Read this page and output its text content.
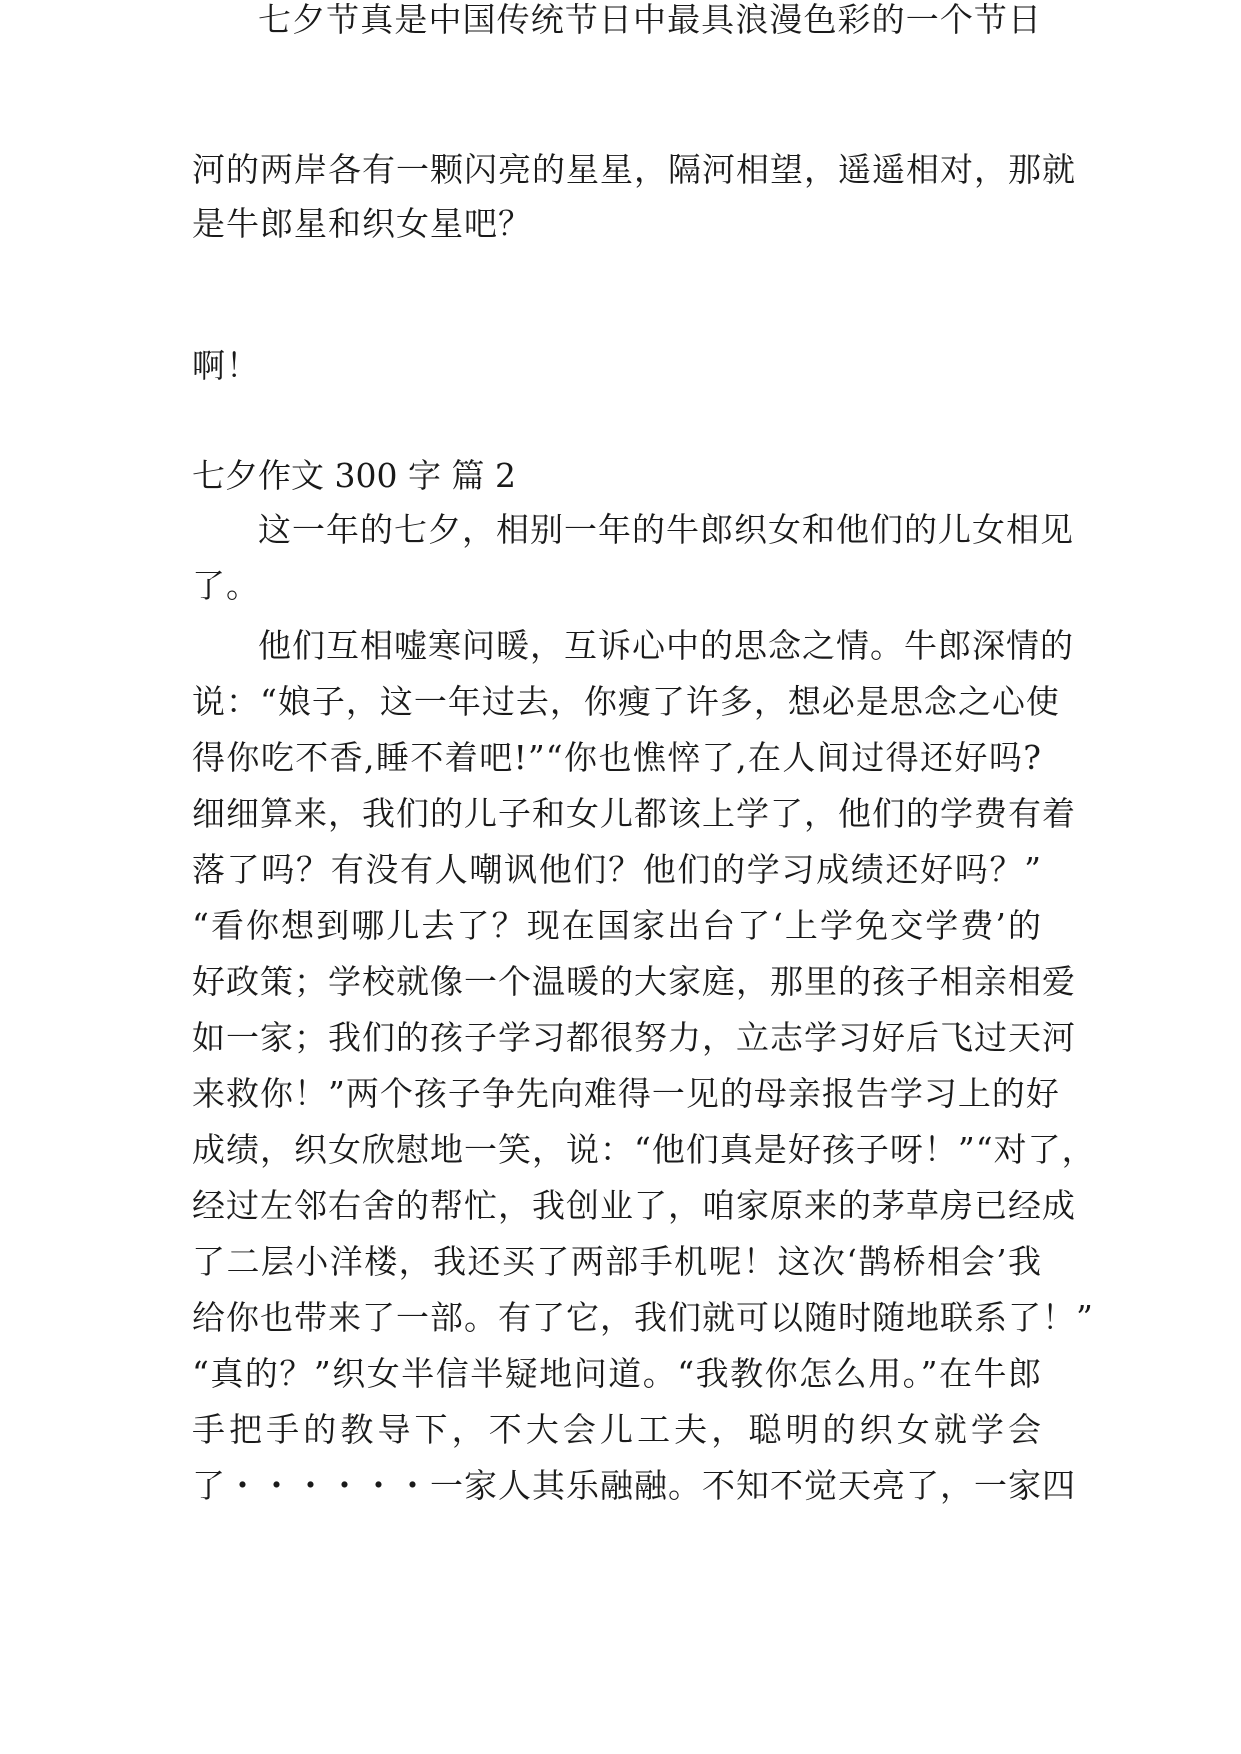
河的两岸各有一颗闪亮的星星，隔河相望，遥遥相对，那就
是牛郎星和织女星吧？
七夕节真是中国传统节日中最具浪漫色彩的一个节日
啊！
七夕作文 300 字 篇 2
这一年的七夕，相别一年的牛郎织女和他们的儿女相见
了。
他们互相嘘寒问暖，互诉心中的思念之情。牛郎深情的
说：“娘子，这一年过去，你瘦了许多，想必是思念之心使
得你吃不香,睡不着吧!”“你也憔悴了,在人间过得还好吗?
细细算来，我们的儿子和女儿都该上学了，他们的学费有着
落了吗？有没有人嘲讽他们？他们的学习成绩还好吗？”
“看你想到哪儿去了？现在国家出台了‘上学免交学费’的
好政策；学校就像一个温暖的大家庭，那里的孩子相亲相爱
如一家；我们的孩子学习都很努力，立志学习好后飞过天河
来救你！”两个孩子争先向难得一见的母亲报告学习上的好
成绩，织女欣慰地一笑，说：“他们真是好孩子呀！”“对了，
经过左邻右舍的帮忙，我创业了，咱家原来的茅草房已经成
了二层小洋楼，我还买了两部手机呢！这次‘鹊桥相会’我
给你也带来了一部。有了它，我们就可以随时随地联系了！”
“真的？”织女半信半疑地问道。“我教你怎么用。”在牛郎
手把手的教导下，不大会儿工夫，聪明的织女就学会
了・・・・・・一家人其乐融融。不知不觉天亮了，一家四
